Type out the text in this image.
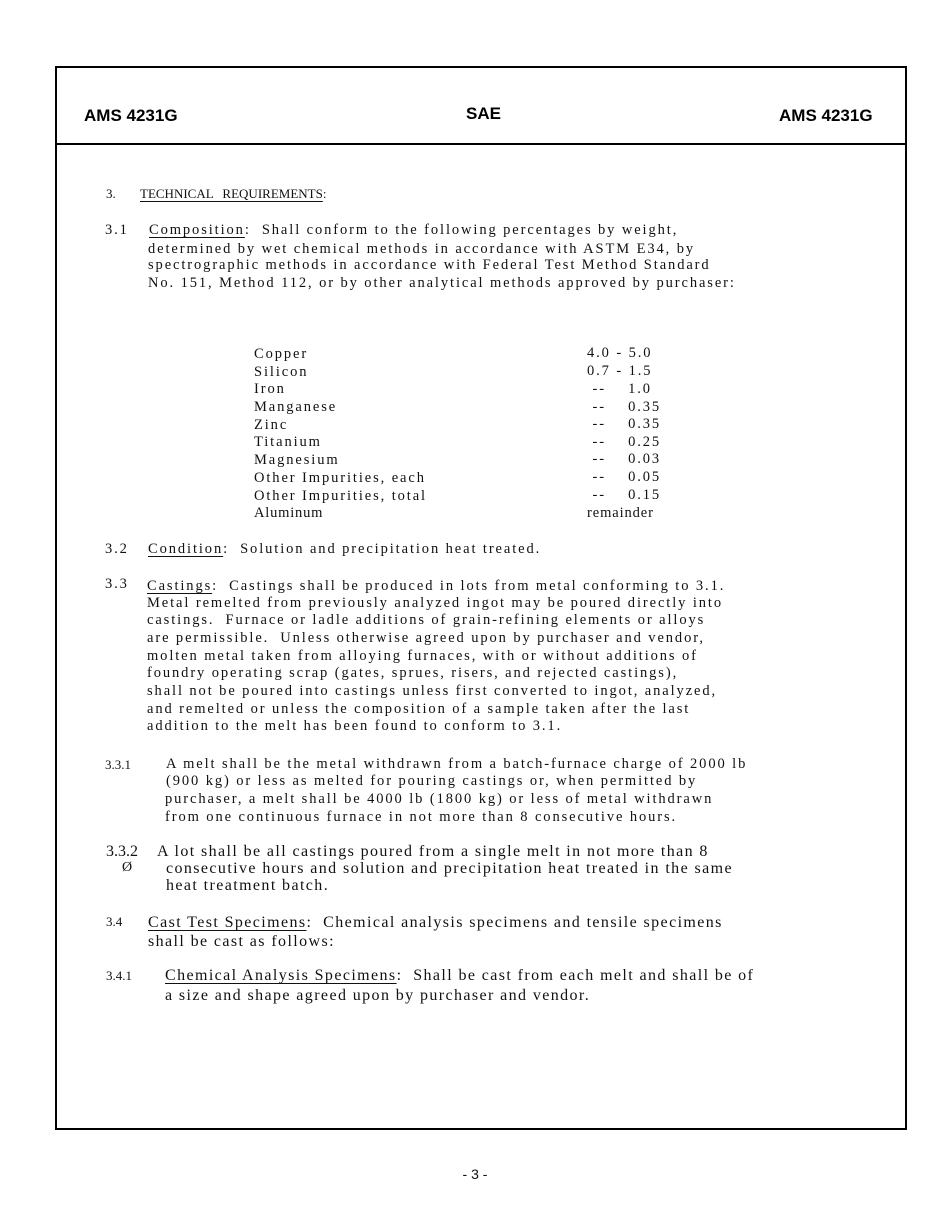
AMS 4231G	SAE	AMS 4231G
3. TECHNICAL REQUIREMENTS:
3.1 Composition:  Shall conform to the following percentages by weight,
determined by wet chemical methods in accordance with ASTM E34, by
spectrographic methods in accordance with Federal Test Method Standard
No. 151, Method 112, or by other analytical methods approved by purchaser:
Copper	4.0 - 5.0
Silicon	0.7 - 1.5
Iron	--    1.0
Manganese	--    0.35
Zinc	--    0.35
Titanium	--    0.25
Magnesium	--    0.03
Other Impurities, each	--    0.05
Other Impurities, total	--    0.15
Aluminum	remainder
3.2 Condition:  Solution and precipitation heat treated.
3.3 Castings:  Castings shall be produced in lots from metal conforming to 3.1.
Metal remelted from previously analyzed ingot may be poured directly into
castings.  Furnace or ladle additions of grain-refining elements or alloys
are permissible.  Unless otherwise agreed upon by purchaser and vendor,
molten metal taken from alloying furnaces, with or without additions of
foundry operating scrap (gates, sprues, risers, and rejected castings),
shall not be poured into castings unless first converted to ingot, analyzed,
and remelted or unless the composition of a sample taken after the last
addition to the melt has been found to conform to 3.1.
3.3.1 A melt shall be the metal withdrawn from a batch-furnace charge of 2000 lb
(900 kg) or less as melted for pouring castings or, when permitted by
purchaser, a melt shall be 4000 lb (1800 kg) or less of metal withdrawn
from one continuous furnace in not more than 8 consecutive hours.
3.3.2
Ø
A lot shall be all castings poured from a single melt in not more than 8
consecutive hours and solution and precipitation heat treated in the same
heat treatment batch.
3.4 Cast Test Specimens:  Chemical analysis specimens and tensile specimens
shall be cast as follows:
3.4.1 Chemical Analysis Specimens:  Shall be cast from each melt and shall be of
a size and shape agreed upon by purchaser and vendor.
- 3 -
